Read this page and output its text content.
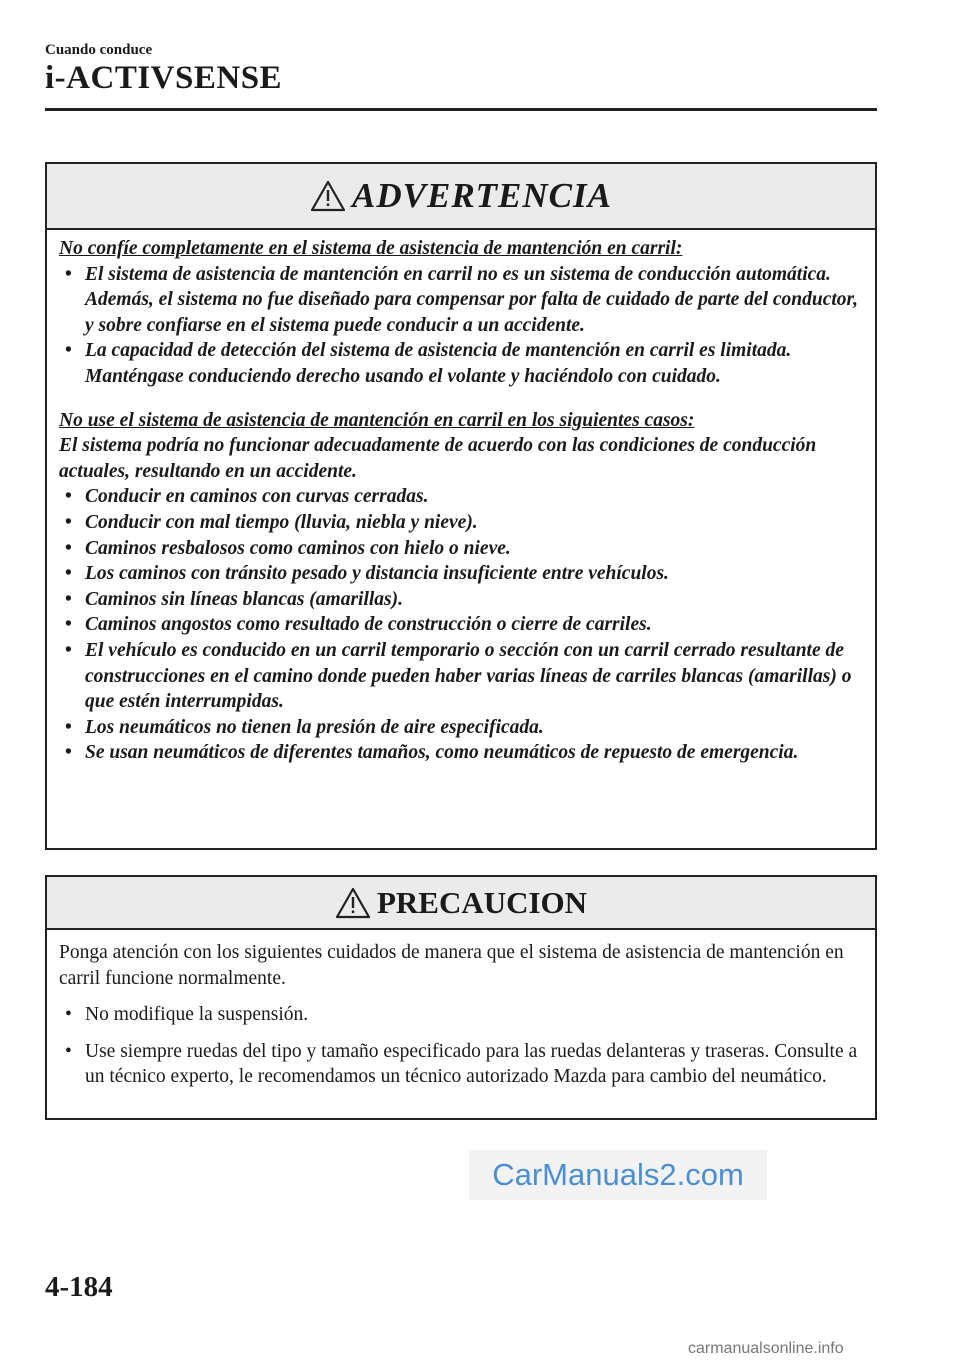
Cuando conduce
i-ACTIVSENSE
ADVERTENCIA

No confíe completamente en el sistema de asistencia de mantención en carril:

• El sistema de asistencia de mantención en carril no es un sistema de conducción automática. Además, el sistema no fue diseñado para compensar por falta de cuidado de parte del conductor, y sobre confiarse en el sistema puede conducir a un accidente.
• La capacidad de detección del sistema de asistencia de mantención en carril es limitada. Manténgase conduciendo derecho usando el volante y haciéndolo con cuidado.

No use el sistema de asistencia de mantención en carril en los siguientes casos:

El sistema podría no funcionar adecuadamente de acuerdo con las condiciones de conducción actuales, resultando en un accidente.

• Conducir en caminos con curvas cerradas.
• Conducir con mal tiempo (lluvia, niebla y nieve).
• Caminos resbalosos como caminos con hielo o nieve.
• Los caminos con tránsito pesado y distancia insuficiente entre vehículos.
• Caminos sin líneas blancas (amarillas).
• Caminos angostos como resultado de construcción o cierre de carriles.
• El vehículo es conducido en un carril temporario o sección con un carril cerrado resultante de construcciones en el camino donde pueden haber varias líneas de carriles blancas (amarillas) o que estén interrumpidas.
• Los neumáticos no tienen la presión de aire especificada.
• Se usan neumáticos de diferentes tamaños, como neumáticos de repuesto de emergencia.
PRECAUCION

Ponga atención con los siguientes cuidados de manera que el sistema de asistencia de mantención en carril funcione normalmente.

• No modifique la suspensión.
• Use siempre ruedas del tipo y tamaño especificado para las ruedas delanteras y traseras. Consulte a un técnico experto, le recomendamos un técnico autorizado Mazda para cambio del neumático.
CarManuals2.com
4-184
carmanualsonline.info
